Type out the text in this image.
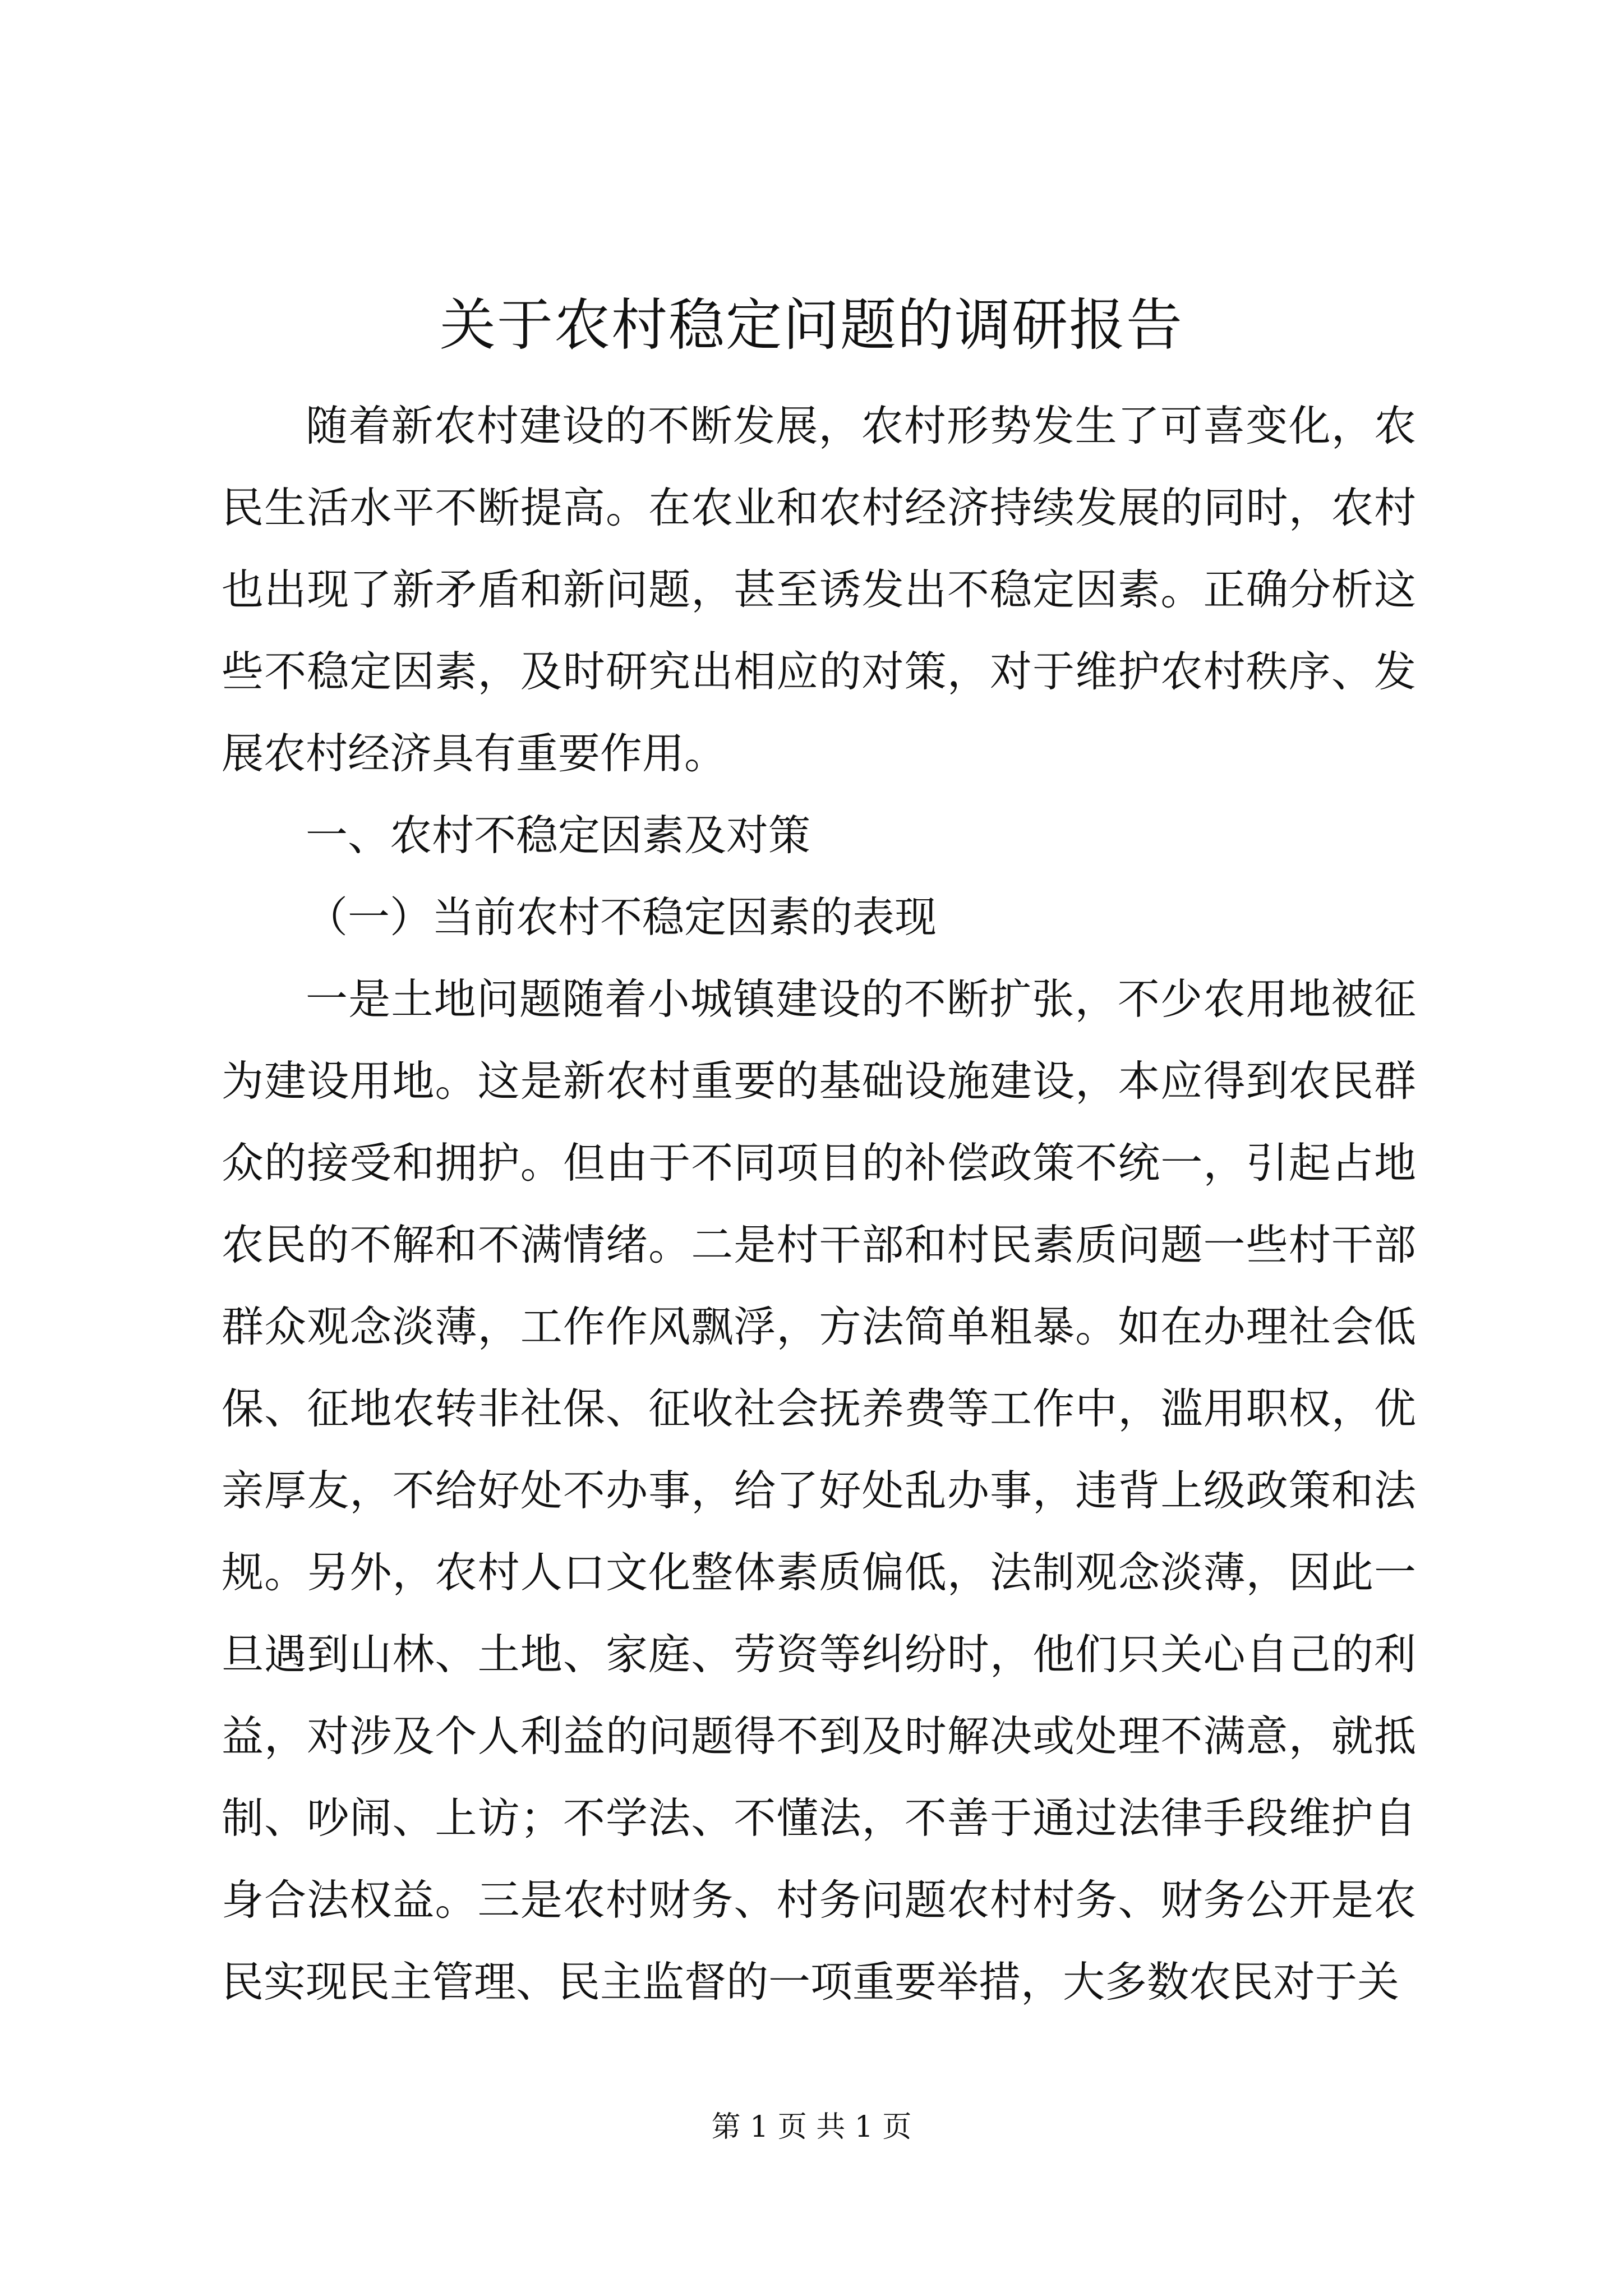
关于农村稳定问题的调研报告

随着新农村建设的不断发展，农村形势发生了可喜变化，农民生活水平不断提高。在农业和农村经济持续发展的同时，农村也出现了新矛盾和新问题，甚至诱发出不稳定因素。正确分析这些不稳定因素，及时研究出相应的对策，对于维护农村秩序、发展农村经济具有重要作用。

一、农村不稳定因素及对策

（一）当前农村不稳定因素的表现

一是土地问题随着小城镇建设的不断扩张，不少农用地被征为建设用地。这是新农村重要的基础设施建设，本应得到农民群众的接受和拥护。但由于不同项目的补偿政策不统一，引起占地农民的不解和不满情绪。二是村干部和村民素质问题一些村干部群众观念淡薄，工作作风飘浮，方法简单粗暴。如在办理社会低保、征地农转非社保、征收社会抚养费等工作中，滥用职权，优亲厚友，不给好处不办事，给了好处乱办事，违背上级政策和法规。另外，农村人口文化整体素质偏低，法制观念淡薄，因此一旦遇到山林、土地、家庭、劳资等纠纷时，他们只关心自己的利益，对涉及个人利益的问题得不到及时解决或处理不满意，就抵制、吵闹、上访；不学法、不懂法，不善于通过法律手段维护自身合法权益。三是农村财务、村务问题农村村务、财务公开是农民实现民主管理、民主监督的一项重要举措，大多数农民对于关

第 1 页 共 1 页
